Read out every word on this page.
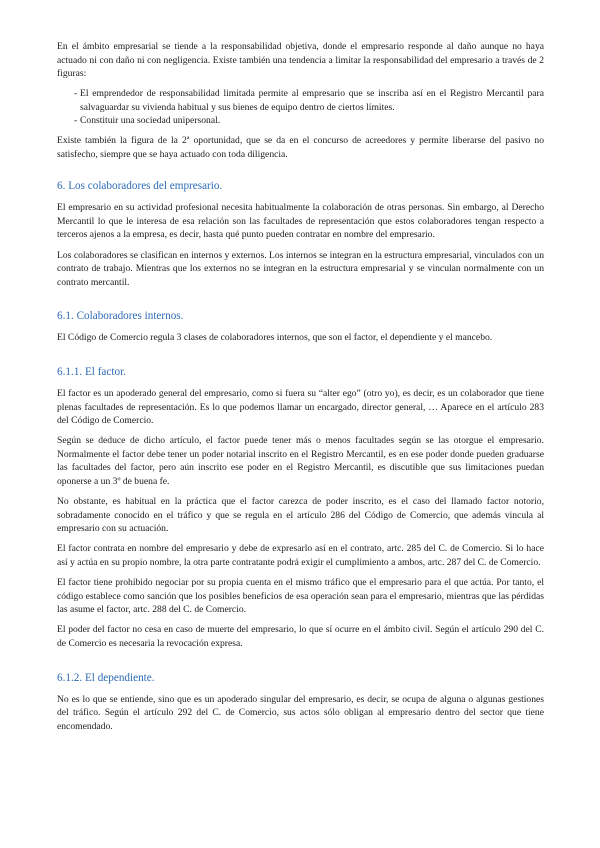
En el ámbito empresarial se tiende a la responsabilidad objetiva, donde el empresario responde al daño aunque no haya actuado ni con daño ni con negligencia. Existe también una tendencia a limitar la responsabilidad del empresario a través de 2 figuras:

- El emprendedor de responsabilidad limitada permite al empresario que se inscriba así en el Registro Mercantil para salvaguardar su vivienda habitual y sus bienes de equipo dentro de ciertos límites.
- Constituir una sociedad unipersonal.

Existe también la figura de la 2ª oportunidad, que se da en el concurso de acreedores y permite liberarse del pasivo no satisfecho, siempre que se haya actuado con toda diligencia.

6. Los colaboradores del empresario.

El empresario en su actividad profesional necesita habitualmente la colaboración de otras personas. Sin embargo, al Derecho Mercantil lo que le interesa de esa relación son las facultades de representación que estos colaboradores tengan respecto a terceros ajenos a la empresa, es decir, hasta qué punto pueden contratar en nombre del empresario.

Los colaboradores se clasifican en internos y externos. Los internos se integran en la estructura empresarial, vinculados con un contrato de trabajo. Mientras que los externos no se integran en la estructura empresarial y se vinculan normalmente con un contrato mercantil.

6.1. Colaboradores internos.

El Código de Comercio regula 3 clases de colaboradores internos, que son el factor, el dependiente y el mancebo.

6.1.1. El factor.

El factor es un apoderado general del empresario, como si fuera su “alter ego” (otro yo), es decir, es un colaborador que tiene plenas facultades de representación. Es lo que podemos llamar un encargado, director general, … Aparece en el artículo 283 del Código de Comercio.

Según se deduce de dicho artículo, el factor puede tener más o menos facultades según se las otorgue el empresario. Normalmente el factor debe tener un poder notarial inscrito en el Registro Mercantil, es en ese poder donde pueden graduarse las facultades del factor, pero aún inscrito ese poder en el Registro Mercantil, es discutible que sus limitaciones puedan oponerse a un 3º de buena fe.

No obstante, es habitual en la práctica que el factor carezca de poder inscrito, es el caso del llamado factor notorio, sobradamente conocido en el tráfico y que se regula en el artículo 286 del Código de Comercio, que además vincula al empresario con su actuación.

El factor contrata en nombre del empresario y debe de expresarlo así en el contrato, artc. 285 del C. de Comercio. Si lo hace así y actúa en su propio nombre, la otra parte contratante podrá exigir el cumplimiento a ambos, artc. 287 del C. de Comercio.

El factor tiene prohibido negociar por su propia cuenta en el mismo tráfico que el empresario para el que actúa. Por tanto, el código establece como sanción que los posibles beneficios de esa operación sean para el empresario, mientras que las pérdidas las asume el factor, artc. 288 del C. de Comercio.

El poder del factor no cesa en caso de muerte del empresario, lo que sí ocurre en el ámbito civil. Según el artículo 290 del C. de Comercio es necesaria la revocación expresa.

6.1.2. El dependiente.

No es lo que se entiende, sino que es un apoderado singular del empresario, es decir, se ocupa de alguna o algunas gestiones del tráfico. Según el artículo 292 del C. de Comercio, sus actos sólo obligan al empresario dentro del sector que tiene encomendado.
